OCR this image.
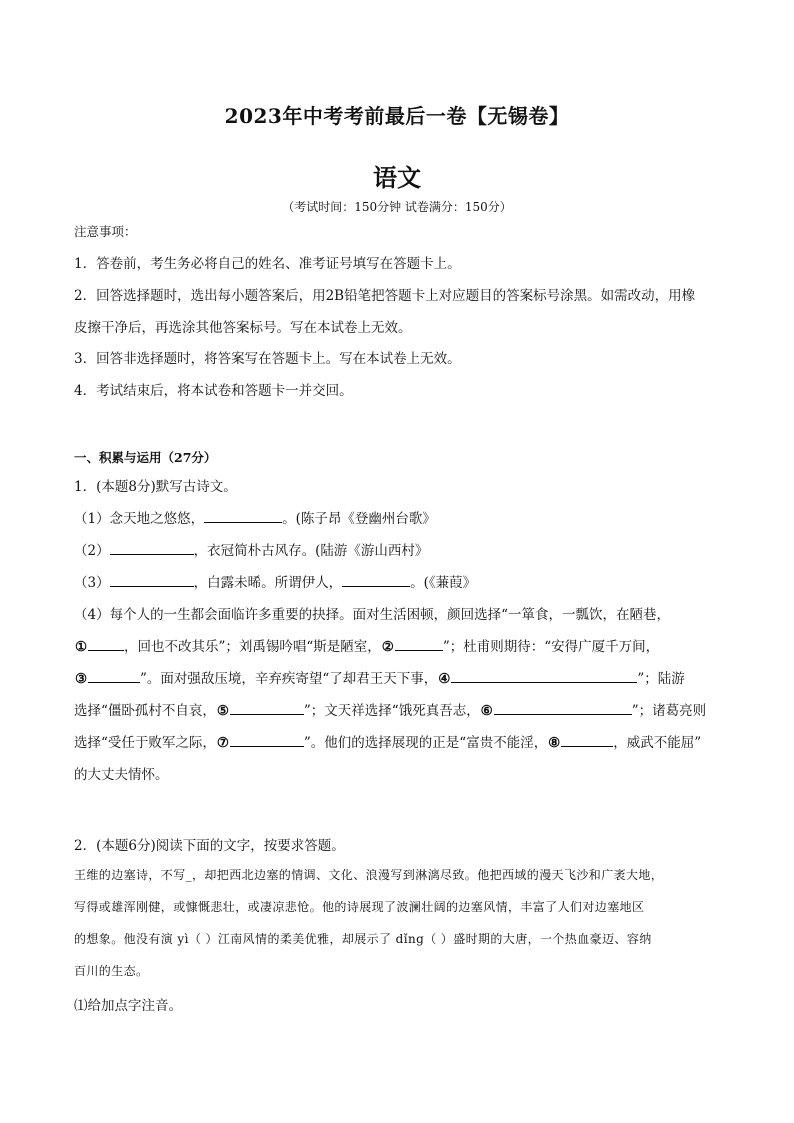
2023年中考考前最后一卷【无锡卷】
语文
（考试时间：150分钟 试卷满分：150分）
注意事项：
1．答卷前，考生务必将自己的姓名、准考证号填写在答题卡上。
2．回答选择题时，选出每小题答案后，用2B铅笔把答题卡上对应题目的答案标号涂黑。如需改动，用橡
皮擦干净后，再选涂其他答案标号。写在本试卷上无效。
3．回答非选择题时，将答案写在答题卡上。写在本试卷上无效。
4．考试结束后，将本试卷和答题卡一并交回。
一、积累与运用（27分）
1．(本题8分)默写古诗文。
（1）念天地之悠悠，	。(陈子昂《登幽州台歌》
（2）	，衣冠简朴古风存。(陆游《游山西村》
（3）	，白露未晞。所谓伊人，	。(《蒹葭》
（4）每个人的一生都会面临许多重要的抉择。面对生活困顿，颜回选择“一箪食，一瓢饮，在陋巷，
①	，回也不改其乐”；刘禹锡吟唱“斯是陋室，②	”；杜甫则期待：“安得广厦千万间，
③	”。面对强敌压境，辛弃疾寄望“了却君王天下事，④	”；陆游
选择“僵卧孤村不自哀，⑤	”；文天祥选择“饿死真吾志，⑥	”；诸葛亮则
选择“受任于败军之际，⑦	”。他们的选择展现的正是“富贵不能淫，⑧	，威武不能屈”
的大丈夫情怀。
2．(本题6分)阅读下面的文字，按要求答题。
王维的边塞诗，不写_，却把西北边塞的情调、文化、浪漫写到淋漓尽致。他把西域的漫天飞沙和广袤大地，
写得或雄浑刚健，或慷慨悲壮，或凄凉悲怆。他的诗展现了波澜壮阔的边塞风情，丰富了人们对边塞地区
的想象。他没有演 yì（ ）江南风情的柔美优雅，却展示了 dǐng（ ）盛时期的大唐，一个热血豪迈、容纳
百川的生态。
⑴给加点字注音。
